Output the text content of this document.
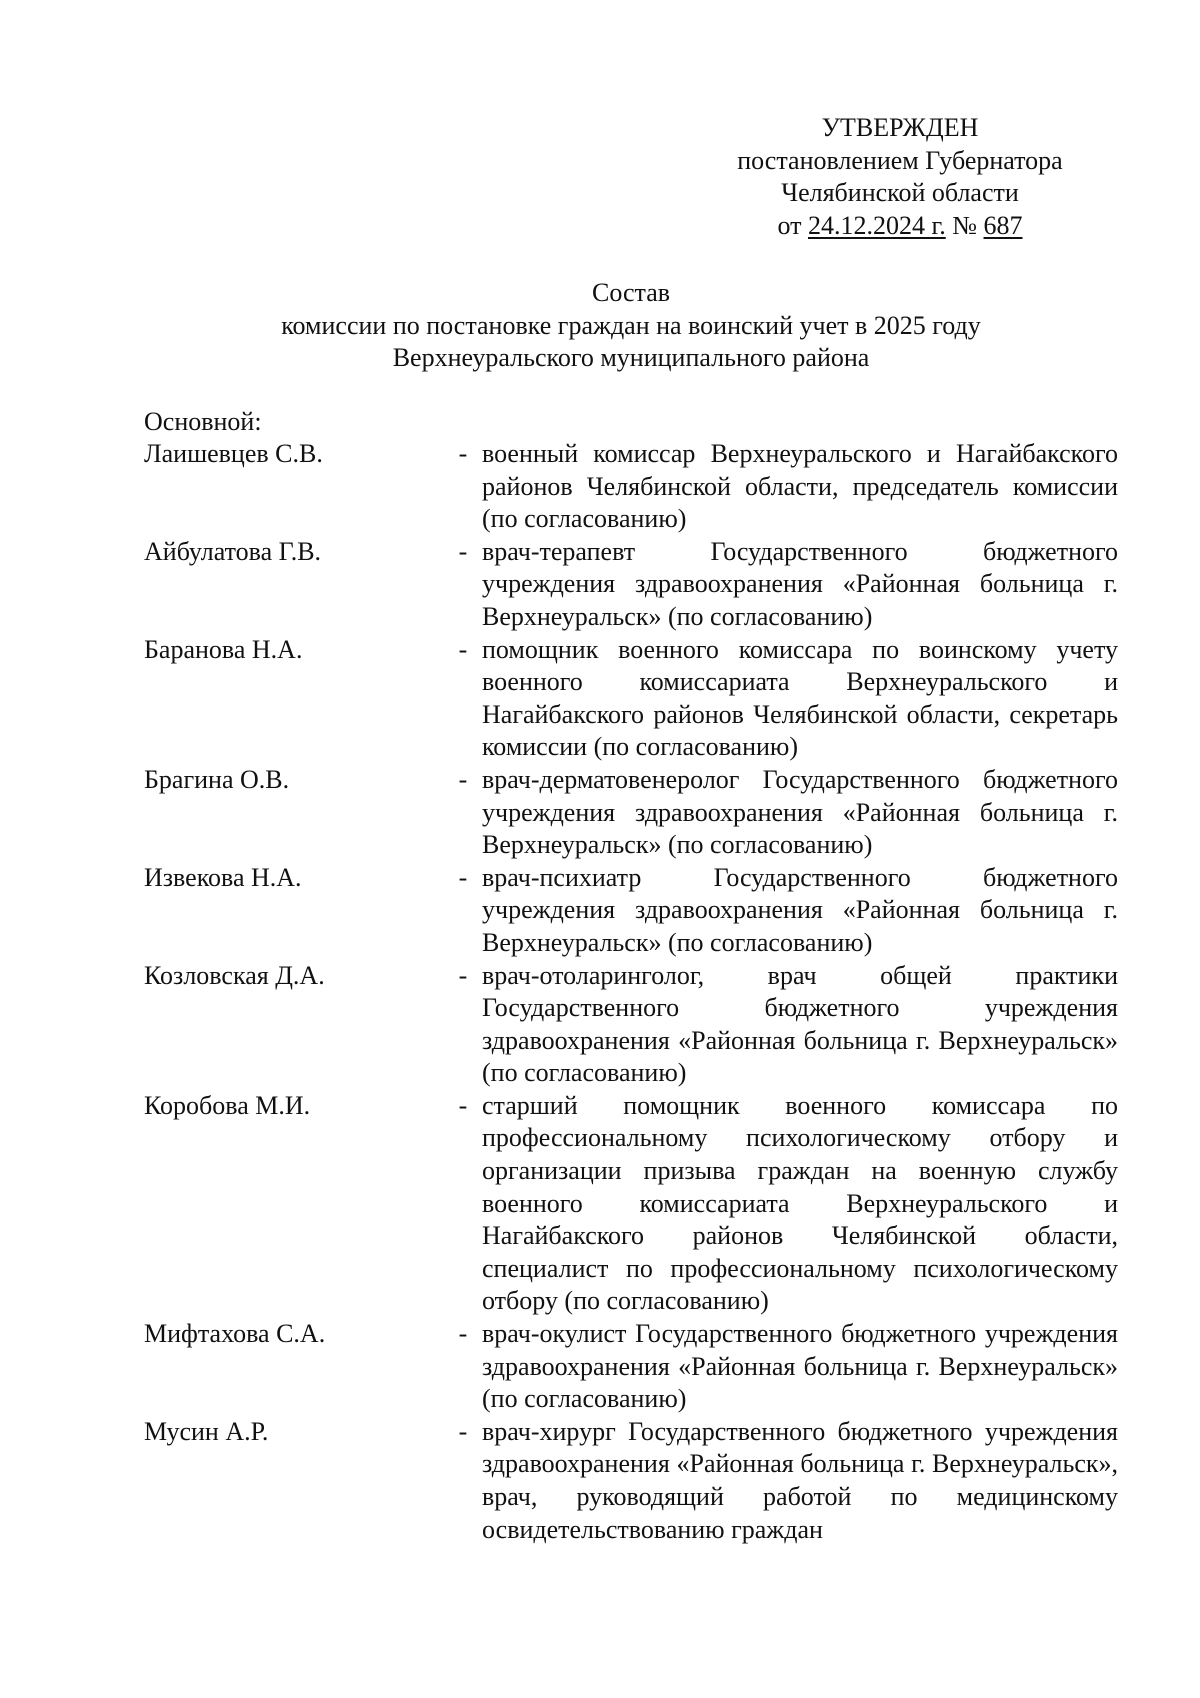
УТВЕРЖДЕН
постановлением Губернатора
Челябинской области
от 24.12.2024 г. № 687
Состав
комиссии по постановке граждан на воинский учет в 2025 году
Верхнеуральского муниципального района
Основной:
Лаишевцев С.В.	- военный комиссар Верхнеуральского и Нагайбакского районов Челябинской области, председатель комиссии (по согласованию)
Айбулатова Г.В.	- врач-терапевт Государственного бюджетного учреждения здравоохранения «Районная больница г. Верхнеуральск» (по согласованию)
Баранова Н.А.	- помощник военного комиссара по воинскому учету военного комиссариата Верхнеуральского и Нагайбакского районов Челябинской области, секретарь комиссии (по согласованию)
Брагина О.В.	- врач-дерматовенеролог Государственного бюджетного учреждения здравоохранения «Районная больница г. Верхнеуральск» (по согласованию)
Извекова Н.А.	- врач-психиатр Государственного бюджетного учреждения здравоохранения «Районная больница г. Верхнеуральск» (по согласованию)
Козловская Д.А.	- врач-отоларинголог, врач общей практики Государственного бюджетного учреждения здравоохранения «Районная больница г. Верхнеуральск» (по согласованию)
Коробова М.И.	- старший помощник военного комиссара по профессиональному психологическому отбору и организации призыва граждан на военную службу военного комиссариата Верхнеуральского и Нагайбакского районов Челябинской области, специалист по профессиональному психологическому отбору (по согласованию)
Мифтахова С.А.	- врач-окулист Государственного бюджетного учреждения здравоохранения «Районная больница г. Верхнеуральск» (по согласованию)
Мусин А.Р.	- врач-хирург Государственного бюджетного учреждения здравоохранения «Районная больница г. Верхнеуральск», врач, руководящий работой по медицинскому освидетельствованию граждан
